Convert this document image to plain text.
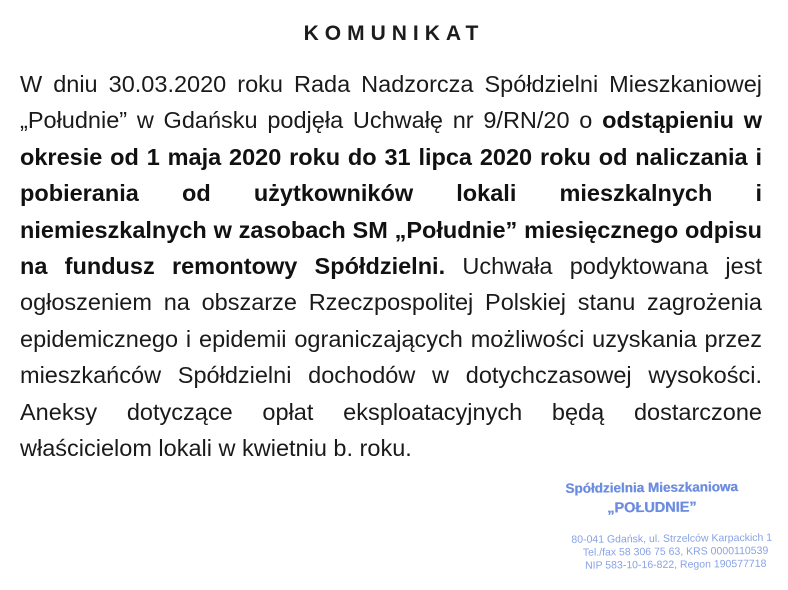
KOMUNIKAT

W dniu 30.03.2020 roku Rada Nadzorcza Spółdzielni Mieszkaniowej „Południe” w Gdańsku podjęła Uchwałę nr 9/RN/20 o odstąpieniu w okresie od 1 maja 2020 roku do 31 lipca 2020 roku od naliczania i pobierania od użytkowników lokali mieszkalnych i niemieszkalnych w zasobach SM „Południe” miesięcznego odpisu na fundusz remontowy Spółdzielni. Uchwała podyktowana jest ogłoszeniem na obszarze Rzeczpospolitej Polskiej stanu zagrożenia epidemicznego i epidemii ograniczających możliwości uzyskania przez mieszkańców Spółdzielni dochodów w dotychczasowej wysokości. Aneksy dotyczące opłat eksploatacyjnych będą dostarczone właścicielom lokali w kwietniu b. roku.

Spółdzielnia Mieszkaniowa
„POŁUDNIE”
80-041 Gdańsk, ul. Strzelców Karpackich 1
Tel./fax 58 306 75 63, KRS 0000110539
NIP 583-10-16-822, Regon 190577718
